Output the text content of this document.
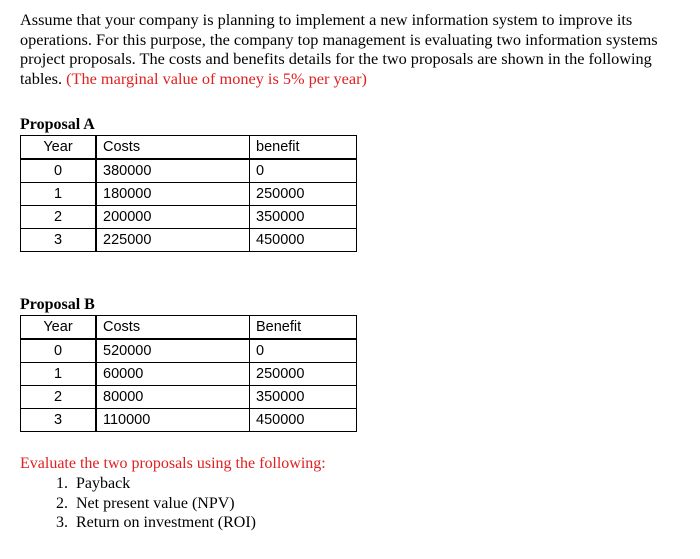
Assume that your company is planning to implement a new information system to improve its operations. For this purpose, the company top management is evaluating two information systems project proposals. The costs and benefits details for the two proposals are shown in the following tables. (The marginal value of money is 5% per year)

Proposal A
Year	Costs	benefit
0	380000	0
1	180000	250000
2	200000	350000
3	225000	450000
Proposal B
Year	Costs	Benefit
0	520000	0
1	60000	250000
2	80000	350000
3	110000	450000
Evaluate the two proposals using the following:
1. Payback
2. Net present value (NPV)
3. Return on investment (ROI)
